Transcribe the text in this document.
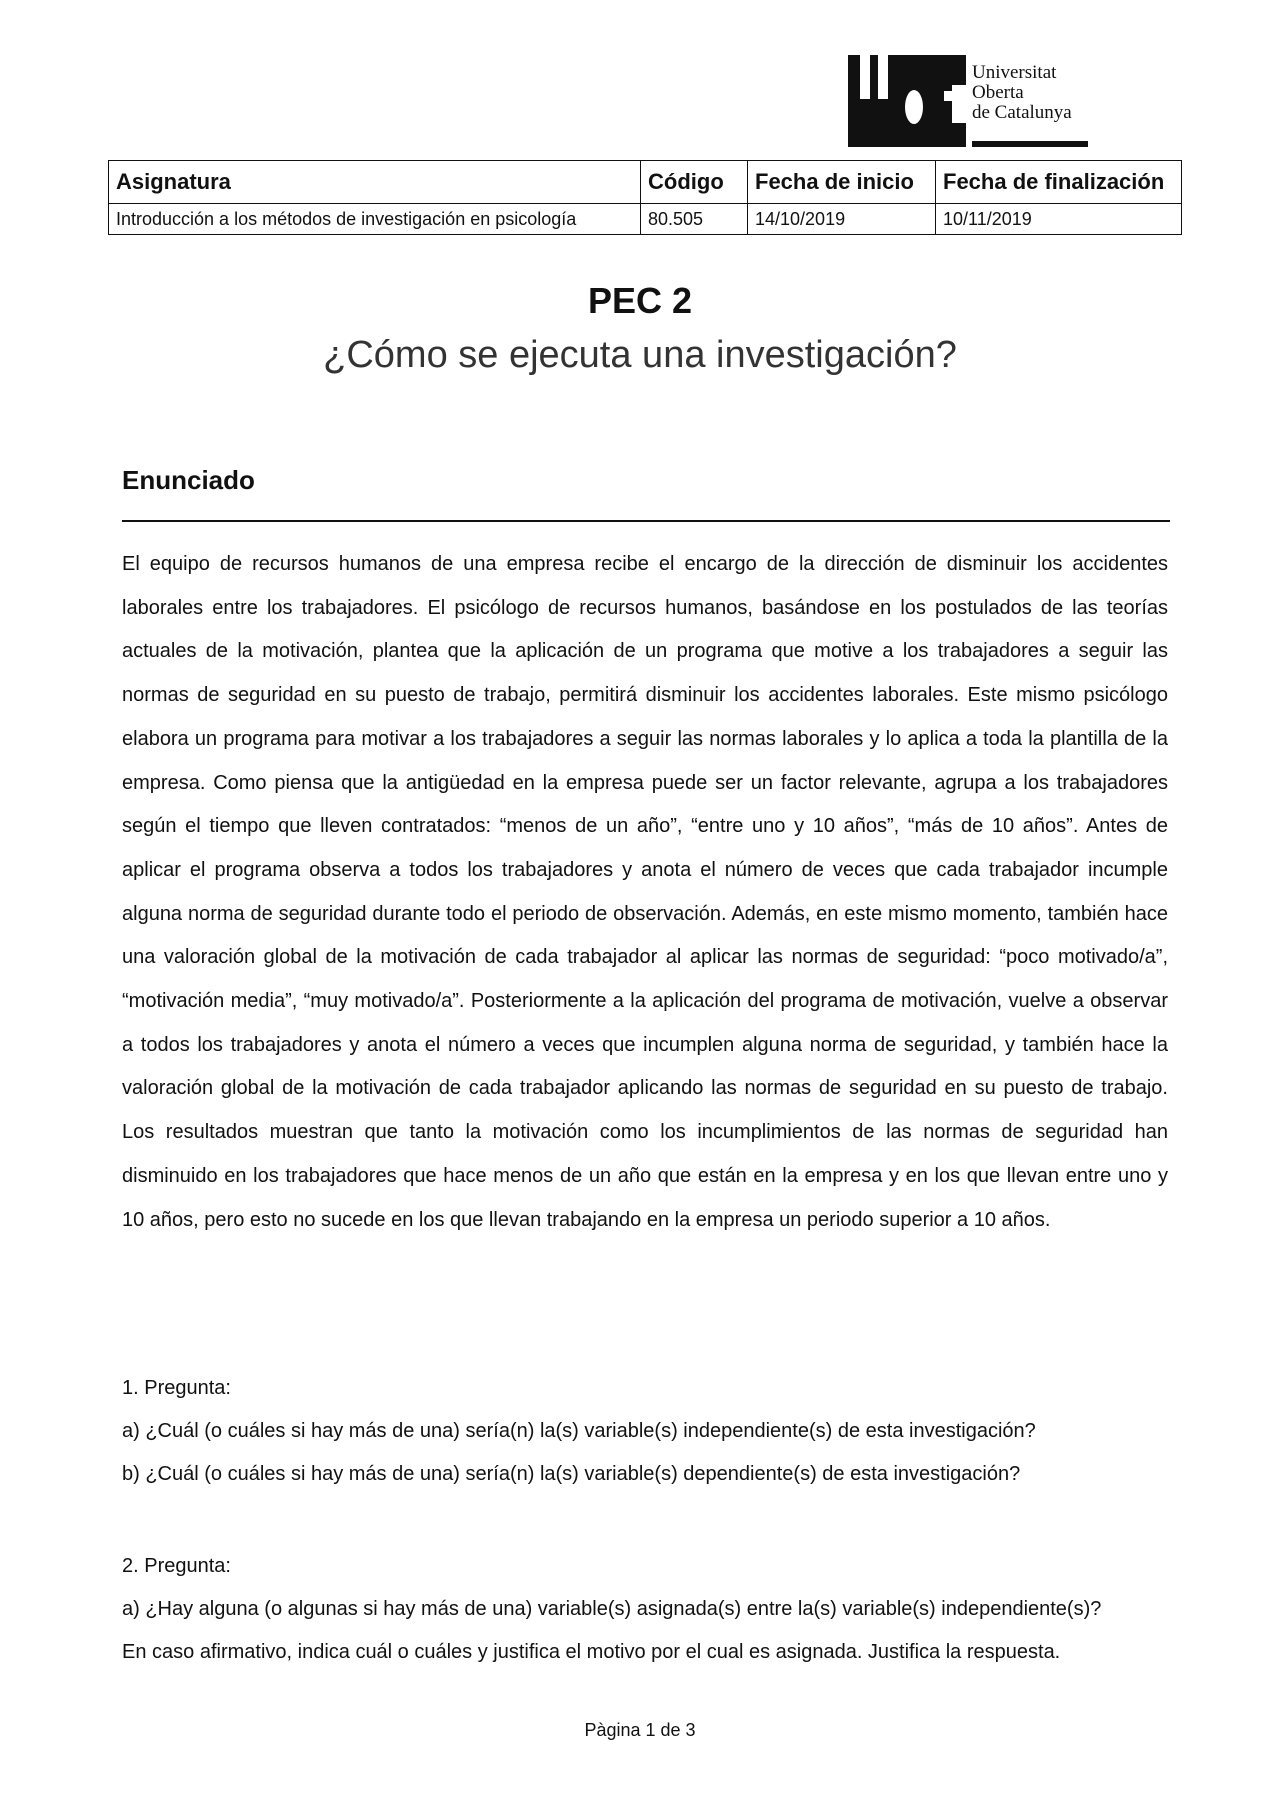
Universitat
Oberta
de Catalunya
Asignatura	Código	Fecha de inicio	Fecha de finalización
Introducción a los métodos de investigación en psicología	80.505	14/10/2019	10/11/2019
PEC 2
¿Cómo se ejecuta una investigación?
Enunciado

El equipo de recursos humanos de una empresa recibe el encargo de la dirección de disminuir los accidentes laborales entre los trabajadores. El psicólogo de recursos humanos, basándose en los postulados de las teorías actuales de la motivación, plantea que la aplicación de un programa que motive a los trabajadores a seguir las normas de seguridad en su puesto de trabajo, permitirá disminuir los accidentes laborales. Este mismo psicólogo elabora un programa para motivar a los trabajadores a seguir las normas laborales y lo aplica a toda la plantilla de la empresa. Como piensa que la antigüedad en la empresa puede ser un factor relevante, agrupa a los trabajadores según el tiempo que lleven contratados: “menos de un año”, “entre uno y 10 años”, “más de 10 años”. Antes de aplicar el programa observa a todos los trabajadores y anota el número de veces que cada trabajador incumple alguna norma de seguridad durante todo el periodo de observación. Además, en este mismo momento, también hace una valoración global de la motivación de cada trabajador al aplicar las normas de seguridad: “poco motivado/a”, “motivación media”, “muy motivado/a”. Posteriormente a la aplicación del programa de motivación, vuelve a observar a todos los trabajadores y anota el número a veces que incumplen alguna norma de seguridad, y también hace la valoración global de la motivación de cada trabajador aplicando las normas de seguridad en su puesto de trabajo. Los resultados muestran que tanto la motivación como los incumplimientos de las normas de seguridad han disminuido en los trabajadores que hace menos de un año que están en la empresa y en los que llevan entre uno y 10 años, pero esto no sucede en los que llevan trabajando en la empresa un periodo superior a 10 años.

1. Pregunta:
a) ¿Cuál (o cuáles si hay más de una) sería(n) la(s) variable(s) independiente(s) de esta investigación?
b) ¿Cuál (o cuáles si hay más de una) sería(n) la(s) variable(s) dependiente(s) de esta investigación?
2. Pregunta:
a) ¿Hay alguna (o algunas si hay más de una) variable(s) asignada(s) entre la(s) variable(s) independiente(s)?
En caso afirmativo, indica cuál o cuáles y justifica el motivo por el cual es asignada. Justifica la respuesta.
Pàgina 1 de 3
